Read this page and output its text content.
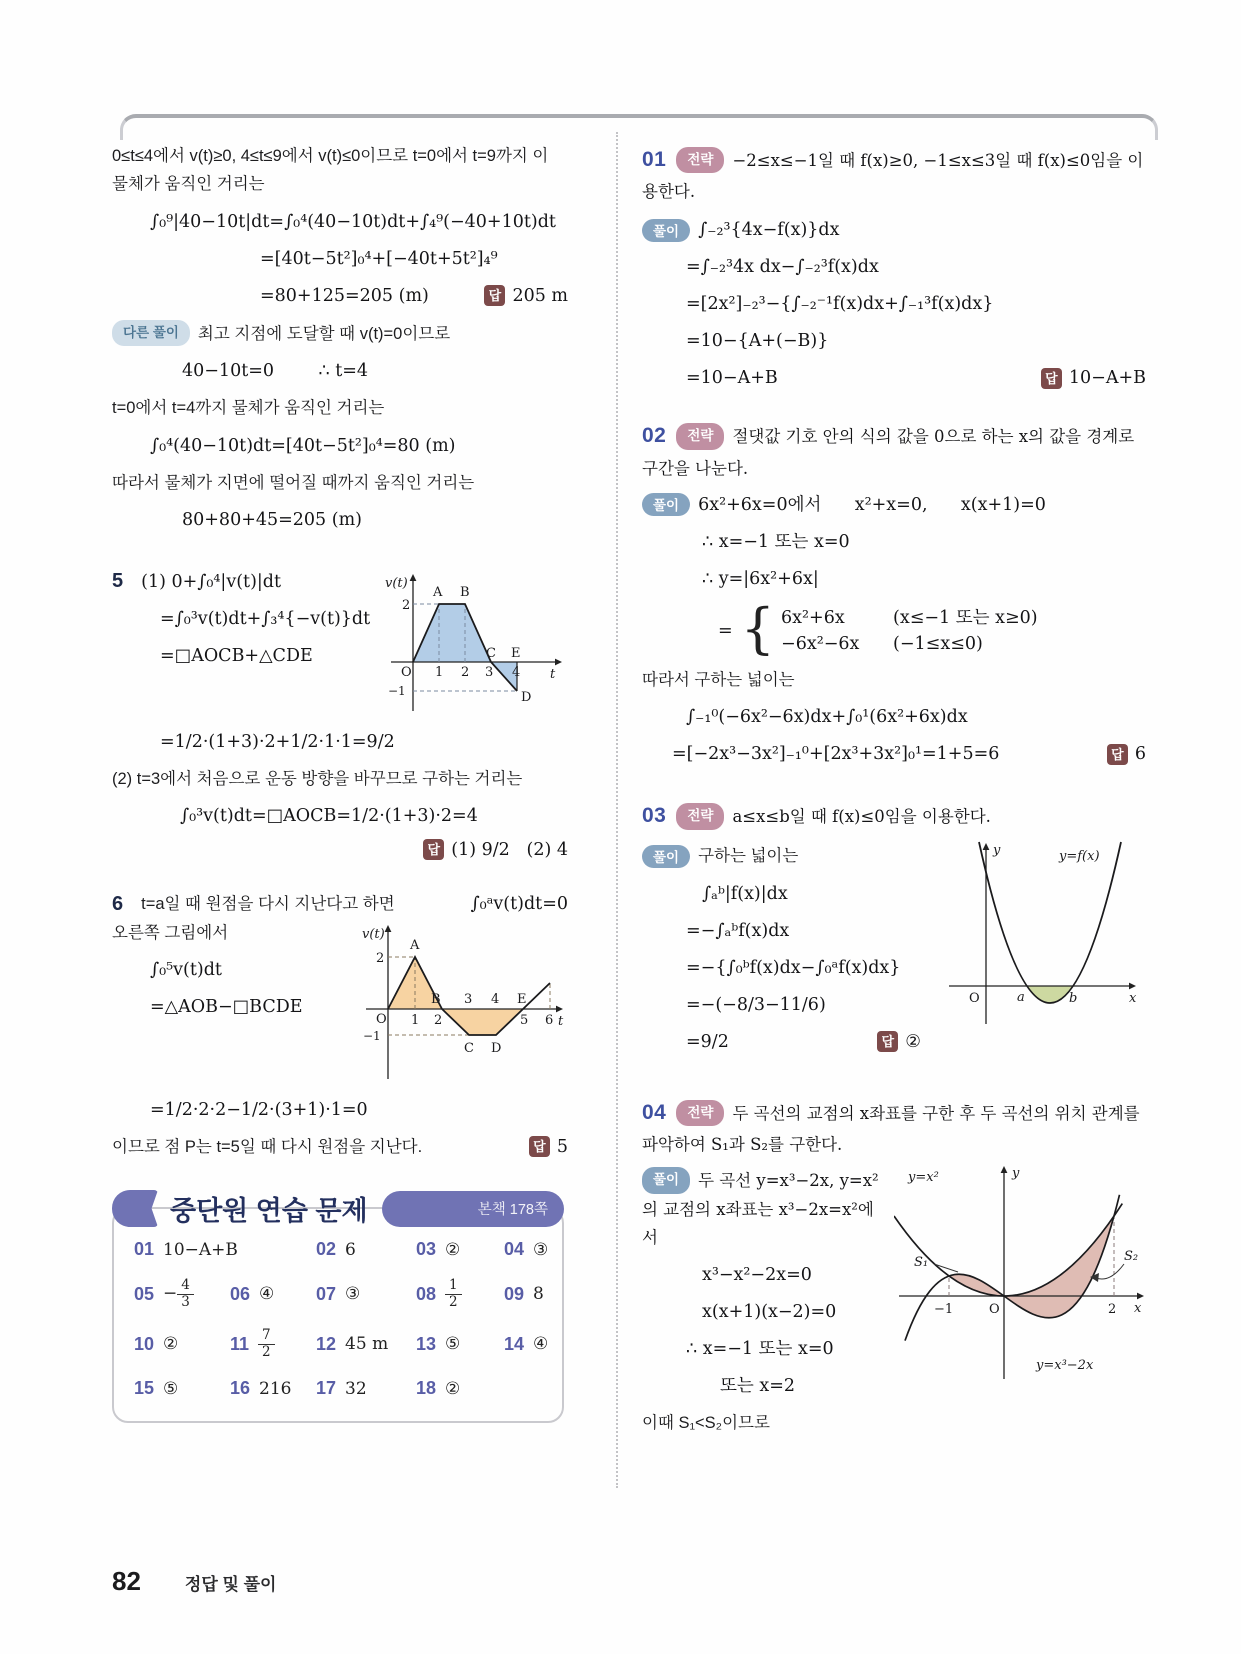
0≤t≤4에서 v(t)≥0, 4≤t≤9에서 v(t)≤0이므로 t=0에서 t=9까지 이 물체가 움직인 거리는
∫₀⁹|40−10t|dt=∫₀⁴(40−10t)dt+∫₄⁹(−40+10t)dt
=[40t−5t²]₀⁴+[−40t+5t²]₄⁹
=80+125=205 (m)	답 205 m
다른 풀이 최고 지점에 도달할 때 v(t)=0이므로
40−10t=0        ∴ t=4
t=0에서 t=4까지 물체가 움직인 거리는
∫₀⁴(40−10t)dt=[40t−5t²]₀⁴=80 (m)
따라서 물체가 지면에 떨어질 때까지 움직인 거리는
80+80+45=205 (m)
v(t)
2
A B
C E
D
O 1 2 3 4 t
−1
5 (1) 0+∫₀⁴|v(t)|dt
=∫₀³v(t)dt+∫₃⁴{−v(t)}dt
=□AOCB+△CDE
=1/2·(1+3)·2+1/2·1·1=9/2
(2) t=3에서 처음으로 운동 방향을 바꾸므로 구하는 거리는
∫₀³v(t)dt=□AOCB=1/2·(1+3)·2=4
답 (1) 9/2   (2) 4
6 t=a일 때 원점을 다시 지난다고 하면	∫₀ᵃv(t)dt=0
v(t)
2
A
B 3 4 E
O 1 2	5 6
C D
−1
t
오른쪽 그림에서
∫₀⁵v(t)dt
=△AOB−□BCDE
=1/2·2·2−1/2·(3+1)·1=0
이므로 점 P는 t=5일 때 다시 원점을 지난다.	답 5
중단원 연습 문제	본책 178쪽
01 10−A+B	02 6	03 ② 04 ③
$05 - \frac{4}{3} 06$ ④ 07 ③	$08 \frac{1}{2} 09$ 8
10 ②	$11 \frac{7}{2} 12$ 45 m 13 ⑤ 14 ④
15 ⑤	16 216 17 32	18 ②
01 전략 −2≤x≤−1일 때 f(x)≥0, −1≤x≤3일 때 f(x)≤0임을 이용한다.
풀이	∫₋₂³{4x−f(x)}dx
=∫₋₂³4x dx−∫₋₂³f(x)dx
=[2x²]₋₂³−{∫₋₂⁻¹f(x)dx+∫₋₁³f(x)dx}
=10−{A+(−B)}
=10−A+B	답 10−A+B
02 전략 절댓값 기호 안의 식의 값을 0으로 하는 x의 값을 경계로 구간을 나눈다.
풀이	6x²+6x=0에서      x²+x=0,      x(x+1)=0
∴ x=−1 또는 x=0
∴ y=|6x²+6x|
= { 6x²+6x	(x≤−1 또는 x≥0)
−6x²−6x (−1≤x≤0)
따라서 구하는 넓이는
∫₋₁⁰(−6x²−6x)dx+∫₀¹(6x²+6x)dx
=[−2x³−3x²]₋₁⁰+[2x³+3x²]₀¹=1+5=6	답 6
03 전략 a≤x≤b일 때 f(x)≤0임을 이용한다.
y	y=f(x)
O	a	b	x
풀이	구하는 넓이는
∫ₐᵇ|f(x)|dx
=−∫ₐᵇf(x)dx
=−{∫₀ᵇf(x)dx−∫₀ᵃf(x)dx}
=−(−8/3−11/6)
=9/2	답 ②
04 전략 두 곡선의 교점의 x좌표를 구한 후 두 곡선의 위치 관계를 파악하여 S₁과 S₂를 구한다.
y=x²	y
S₁	S₂
−1	O	2 x
y=x³−2x
풀이 두 곡선 y=x³−2x, y=x²의 교점의 x좌표는 x³−2x=x²에서
x³−x²−2x=0
x(x+1)(x−2)=0
∴ x=−1 또는 x=0
또는 x=2
이때 S₁<S₂이므로
82	정답 및 풀이
